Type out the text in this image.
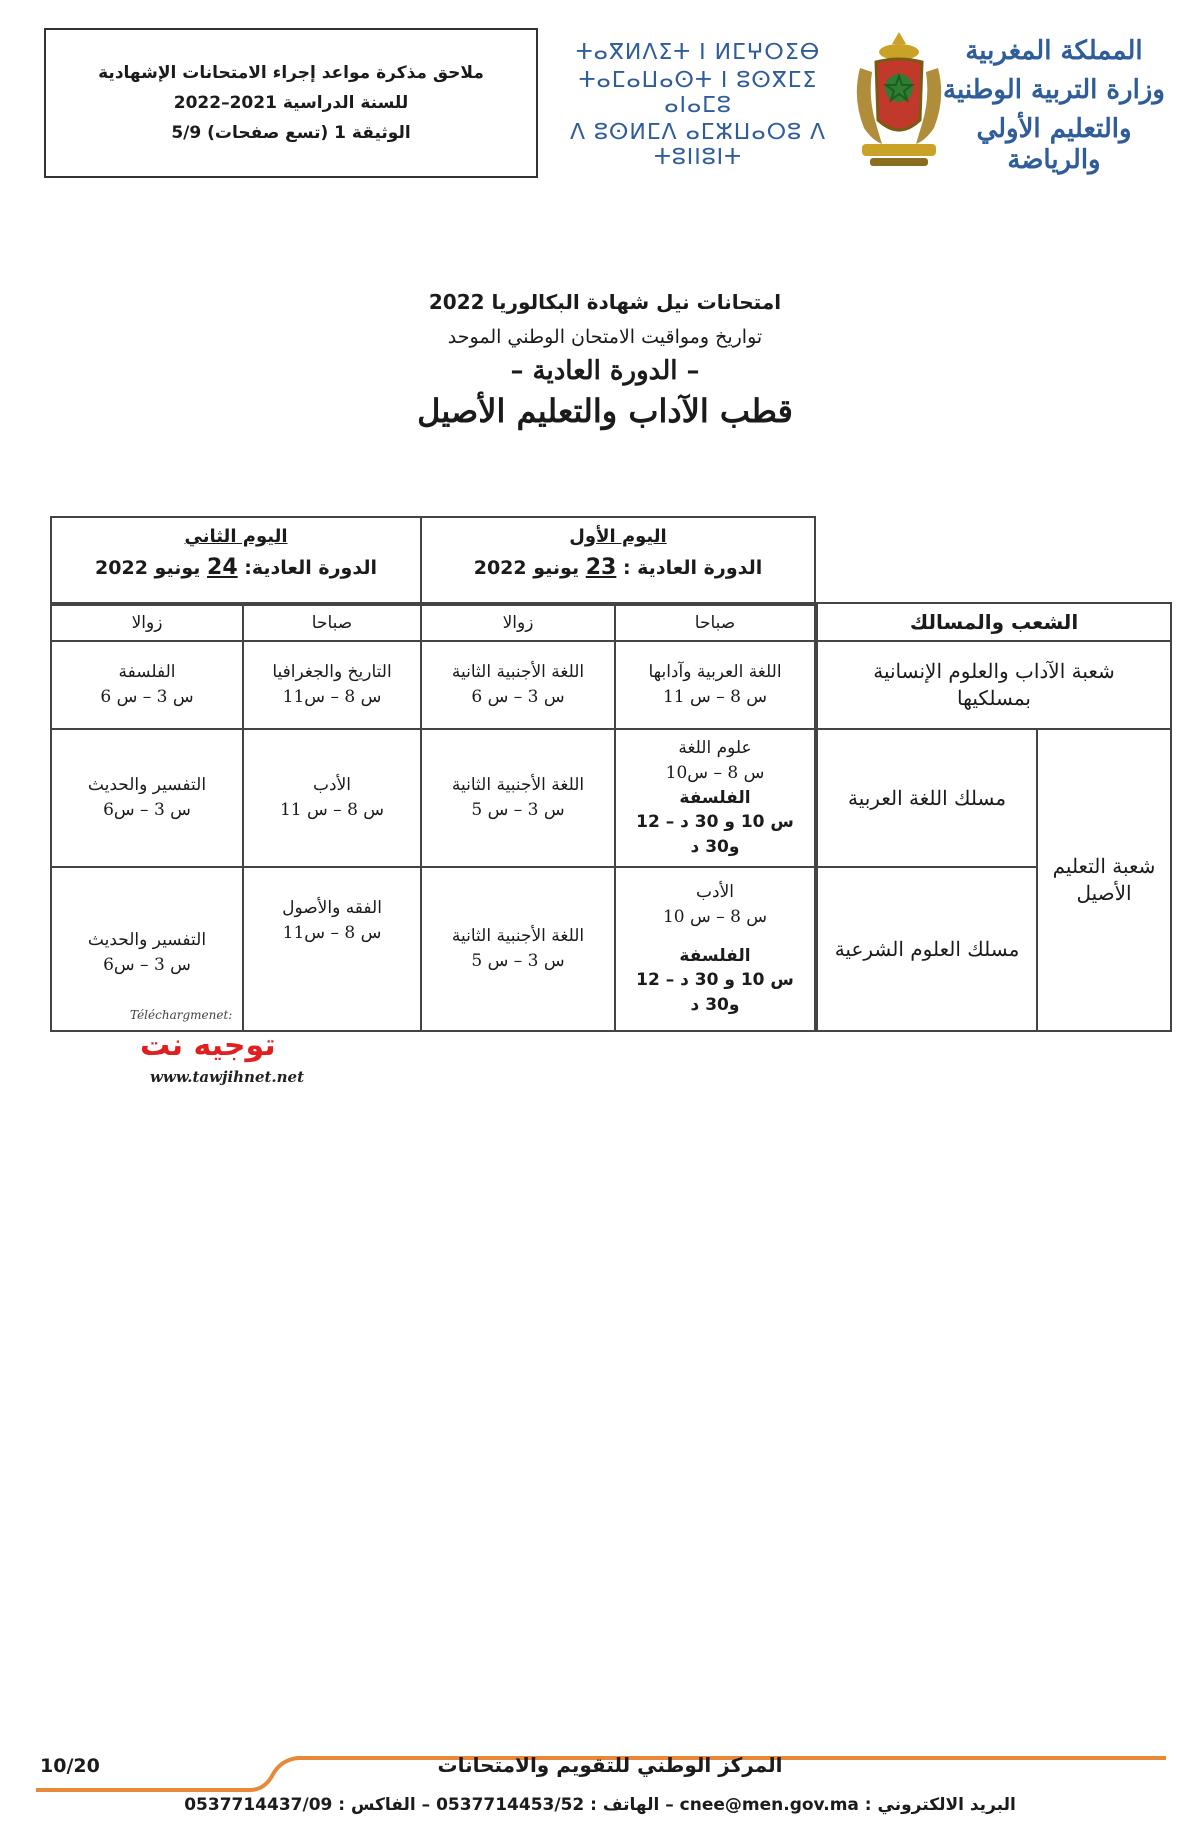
ملاحق مذكرة مواعد إجراء الامتحانات الإشهادية
للسنة الدراسية 2021–2022
الوثيقة 1 (تسع صفحات) 5/9
ⵜⴰⴳⵍⴷⵉⵜ ⵏ ⵍⵎⵖⵔⵉⴱ
ⵜⴰⵎⴰⵡⴰⵙⵜ ⵏ ⵓⵙⴳⵎⵉ ⴰⵏⴰⵎⵓ
ⴷ ⵓⵙⵍⵎⴷ ⴰⵎⵣⵡⴰⵔⵓ ⴷ ⵜⵓⵏⵏⵓⵏⵜ
المملكة المغربية
وزارة التربية الوطنية
والتعليم الأولي والرياضة
امتحانات نيل شهادة البكالوريا 2022
تواريخ ومواقيت الامتحان الوطني الموحد
– الدورة العادية –
قطب الآداب والتعليم الأصيل
اليوم الأول
الدورة العادية : 23 يونيو 2022
اليوم الثاني
الدورة العادية: 24 يونيو 2022
الشعب والمسالك
صباحا
زوالا
صباحا
زوالا
شعبة الآداب والعلوم الإنسانية
بمسلكيها
اللغة العربية وآدابها
س 8 – س 11
اللغة الأجنبية الثانية
س 3 – س 6
التاريخ والجغرافيا
س 8 – س11
الفلسفة
س 3 – س 6
شعبة التعليم
الأصيل
مسلك اللغة العربية
علوم اللغة
س 8 – س10
الفلسفة
س 10 و 30 د – 12
و30 د
اللغة الأجنبية الثانية
س 3 – س 5
الأدب
س 8 – س 11
التفسير والحديث
س 3 – س6
مسلك العلوم الشرعية
الأدب
س 8 – س 10
الفلسفة
س 10 و 30 د – 12
و30 د
اللغة الأجنبية الثانية
س 3 – س 5
الفقه والأصول
س 8 – س11
التفسير والحديث
س 3 – س6
Téléchargmenet:
توجيه نت
www.tawjihnet.net
10/20	المركز الوطني للتقويم والامتحانات
البريد الالكتروني : cnee@men.gov.ma – الهاتف : 0537714453/52 – الفاكس : 0537714437/09
